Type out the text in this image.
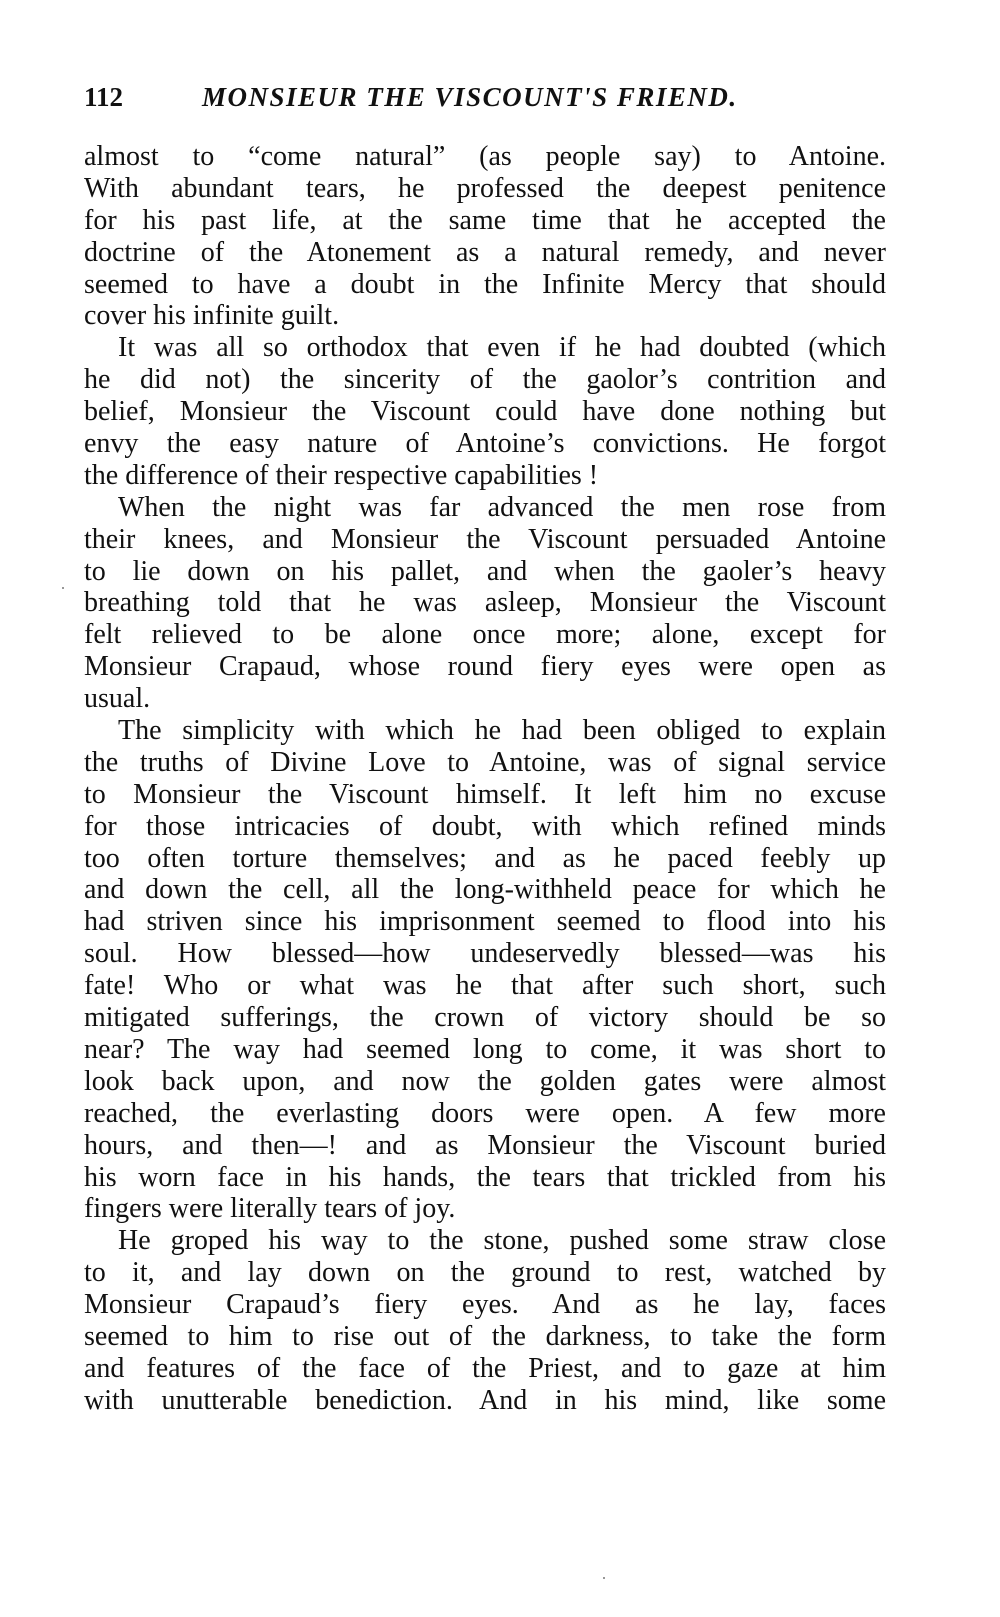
112	MONSIEUR THE VISCOUNT'S FRIEND.
almost to “come natural” (as people say) to Antoine.
With abundant tears, he professed the deepest penitence
for his past life, at the same time that he accepted the
doctrine of the Atonement as a natural remedy, and never
seemed to have a doubt in the Infinite Mercy that should
cover his infinite guilt.
It was all so orthodox that even if he had doubted (which
he did not) the sincerity of the gaolor’s contrition and
belief, Monsieur the Viscount could have done nothing but
envy the easy nature of Antoine’s convictions. He forgot
the difference of their respective capabilities !
When the night was far advanced the men rose from
their knees, and Monsieur the Viscount persuaded Antoine
to lie down on his pallet, and when the gaoler’s heavy
breathing told that he was asleep, Monsieur the Viscount
felt relieved to be alone once more; alone, except for
Monsieur Crapaud, whose round fiery eyes were open as
usual.
The simplicity with which he had been obliged to explain
the truths of Divine Love to Antoine, was of signal service
to Monsieur the Viscount himself. It left him no excuse
for those intricacies of doubt, with which refined minds
too often torture themselves; and as he paced feebly up
and down the cell, all the long-withheld peace for which he
had striven since his imprisonment seemed to flood into his
soul. How blessed—how undeservedly blessed—was his
fate! Who or what was he that after such short, such
mitigated sufferings, the crown of victory should be so
near? The way had seemed long to come, it was short to
look back upon, and now the golden gates were almost
reached, the everlasting doors were open. A few more
hours, and then—! and as Monsieur the Viscount buried
his worn face in his hands, the tears that trickled from his
fingers were literally tears of joy.
He groped his way to the stone, pushed some straw close
to it, and lay down on the ground to rest, watched by
Monsieur Crapaud’s fiery eyes. And as he lay, faces
seemed to him to rise out of the darkness, to take the form
and features of the face of the Priest, and to gaze at him
with unutterable benediction. And in his mind, like some
